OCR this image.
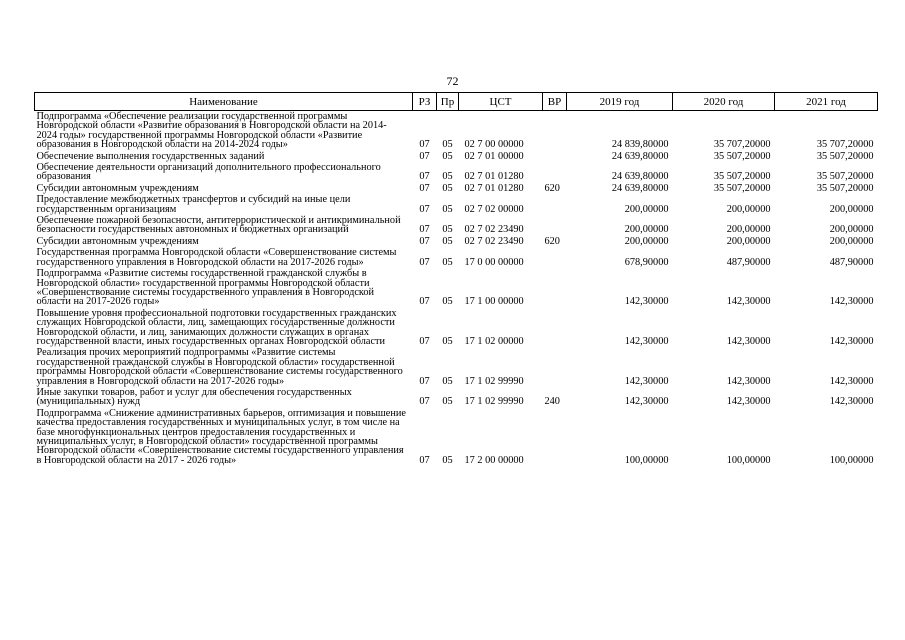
72
Наименование	РЗ	Пр	ЦСТ	ВР	2019 год	2020 год	2021 год
Подпрограмма «Обеспечение реализации государственной программы Новгородской области «Развитие образования в Новгородской области на 2014-2024 годы» государственной программы Новгородской области «Развитие образования в Новгородской области на 2014-2024 годы»	07	05	02 7 00 00000		24 839,80000	35 707,20000	35 707,20000
Обеспечение выполнения государственных заданий	07	05	02 7 01 00000		24 639,80000	35 507,20000	35 507,20000
Обеспечение деятельности организаций дополнительного профессионального образования	07	05	02 7 01 01280		24 639,80000	35 507,20000	35 507,20000
Субсидии автономным учреждениям	07	05	02 7 01 01280	620	24 639,80000	35 507,20000	35 507,20000
Предоставление межбюджетных трансфертов и субсидий на иные цели государственным организациям	07	05	02 7 02 00000		200,00000	200,00000	200,00000
Обеспечение пожарной безопасности, антитеррористической и антикриминальной безопасности государственных автономных и бюджетных организаций	07	05	02 7 02 23490		200,00000	200,00000	200,00000
Субсидии автономным учреждениям	07	05	02 7 02 23490	620	200,00000	200,00000	200,00000
Государственная программа Новгородской области «Совершенствование системы государственного управления в Новгородской области на 2017-2026 годы»	07	05	17 0 00 00000		678,90000	487,90000	487,90000
Подпрограмма «Развитие системы государственной гражданской службы в Новгородской области» государственной программы Новгородской области «Совершенствование системы государственного управления в Новгородской области на 2017-2026 годы»	07	05	17 1 00 00000		142,30000	142,30000	142,30000
Повышение уровня профессиональной подготовки государственных гражданских служащих Новгородской области, лиц, замещающих государственные должности Новгородской области, и лиц, занимающих должности служащих в органах государственной власти, иных государственных органах Новгородской области	07	05	17 1 02 00000		142,30000	142,30000	142,30000
Реализация прочих мероприятий подпрограммы «Развитие системы государственной гражданской службы в Новгородской области» государственной программы Новгородской области «Совершенствование системы государственного управления в Новгородской области на 2017-2026 годы»	07	05	17 1 02 99990		142,30000	142,30000	142,30000
Иные закупки товаров, работ и услуг для обеспечения государственных (муниципальных) нужд	07	05	17 1 02 99990	240	142,30000	142,30000	142,30000
Подпрограмма «Снижение административных барьеров, оптимизация и повышение качества предоставления государственных и муниципальных услуг, в том числе на базе многофункциональных центров предоставления государственных и муниципальных услуг, в Новгородской области» государственной программы Новгородской области «Совершенствование системы государственного управления в Новгородской области на 2017 - 2026 годы»	07	05	17 2 00 00000		100,00000	100,00000	100,00000
